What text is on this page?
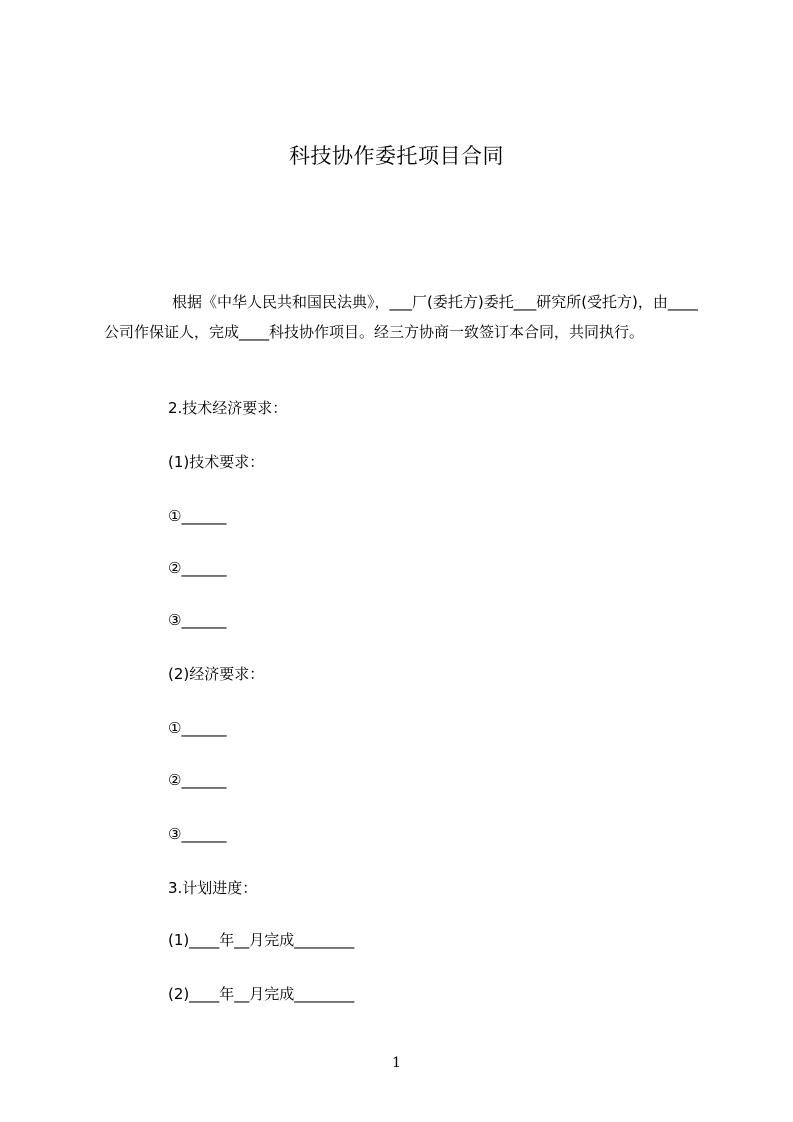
科技协作委托项目合同
根据《中华人民共和国民法典》，___厂(委托方)委托___研究所(受托方)，由____公司作保证人，完成____科技协作项目。经三方协商一致签订本合同，共同执行。
2.技术经济要求：
(1)技术要求：
①______
②______
③______
(2)经济要求：
①______
②______
③______
3.计划进度：
(1)____年__月完成________
(2)____年__月完成________
1
